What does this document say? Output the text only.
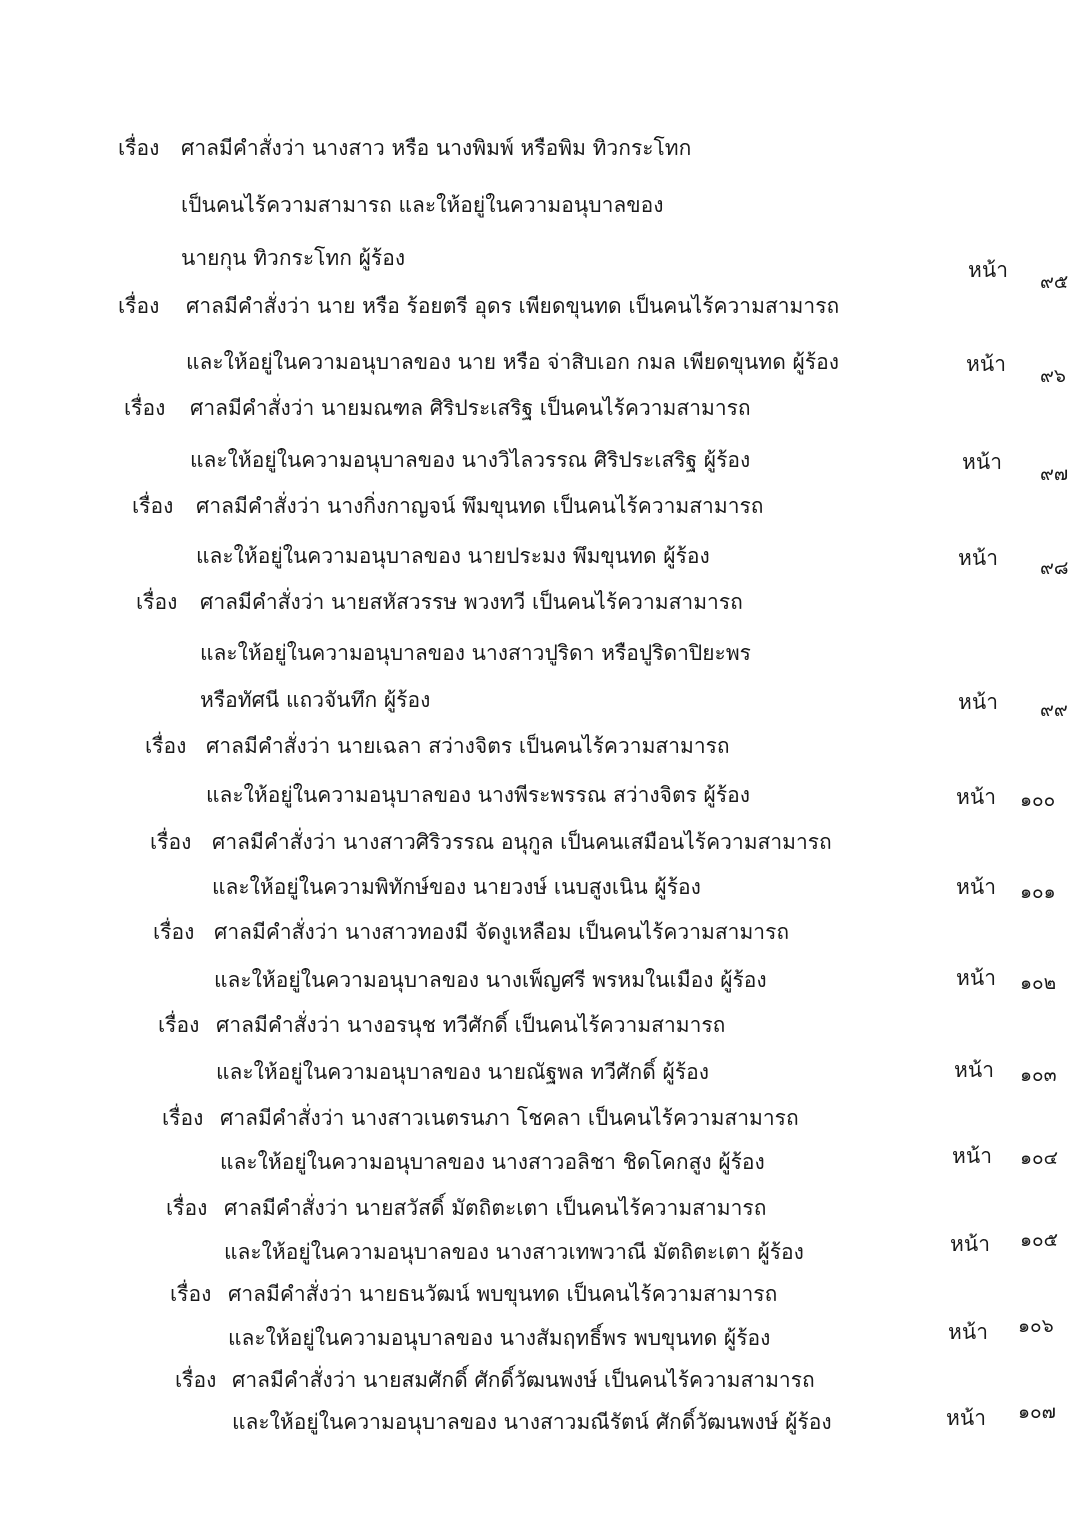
เรื่อง ศาลมีคำสั่งว่า นางสาว หรือ นางพิมพ์ หรือพิม ทิวกระโทก
เป็นคนไร้ความสามารถ และให้อยู่ในความอนุบาลของ
นายกุน ทิวกระโทก ผู้ร้อง	หน้า ๙๕
เรื่อง ศาลมีคำสั่งว่า นาย หรือ ร้อยตรี อุดร เพียดขุนทด เป็นคนไร้ความสามารถ
และให้อยู่ในความอนุบาลของ นาย หรือ จ่าสิบเอก กมล เพียดขุนทด ผู้ร้อง	หน้า ๙๖
เรื่อง ศาลมีคำสั่งว่า นายมณฑล ศิริประเสริฐ เป็นคนไร้ความสามารถ
และให้อยู่ในความอนุบาลของ นางวิไลวรรณ ศิริประเสริฐ ผู้ร้อง	หน้า ๙๗
เรื่อง ศาลมีคำสั่งว่า นางกิ่งกาญจน์ พึมขุนทด เป็นคนไร้ความสามารถ
และให้อยู่ในความอนุบาลของ นายประมง พึมขุนทด ผู้ร้อง	หน้า ๙๘
เรื่อง ศาลมีคำสั่งว่า นายสหัสวรรษ พวงทวี เป็นคนไร้ความสามารถ
และให้อยู่ในความอนุบาลของ นางสาวปูริดา หรือปูริดาปิยะพร
หรือทัศนี แถวจันทึก ผู้ร้อง	หน้า ๙๙
เรื่อง ศาลมีคำสั่งว่า นายเฉลา สว่างจิตร เป็นคนไร้ความสามารถ
และให้อยู่ในความอนุบาลของ นางพีระพรรณ สว่างจิตร ผู้ร้อง	หน้า ๑๐๐
เรื่อง ศาลมีคำสั่งว่า นางสาวศิริวรรณ อนุกูล เป็นคนเสมือนไร้ความสามารถ
และให้อยู่ในความพิทักษ์ของ นายวงษ์ เนบสูงเนิน ผู้ร้อง	หน้า ๑๐๑
เรื่อง ศาลมีคำสั่งว่า นางสาวทองมี จัดงูเหลือม เป็นคนไร้ความสามารถ
และให้อยู่ในความอนุบาลของ นางเพ็ญศรี พรหมในเมือง ผู้ร้อง	หน้า ๑๐๒
เรื่อง ศาลมีคำสั่งว่า นางอรนุช ทวีศักดิ์ เป็นคนไร้ความสามารถ
และให้อยู่ในความอนุบาลของ นายณัฐพล ทวีศักดิ์ ผู้ร้อง	หน้า ๑๐๓
เรื่อง ศาลมีคำสั่งว่า นางสาวเนตรนภา โชคลา เป็นคนไร้ความสามารถ
และให้อยู่ในความอนุบาลของ นางสาวอลิชา ชิดโคกสูง ผู้ร้อง	หน้า ๑๐๔
เรื่อง ศาลมีคำสั่งว่า นายสวัสดิ์ มัตถิตะเตา เป็นคนไร้ความสามารถ
และให้อยู่ในความอนุบาลของ นางสาวเทพวาณี มัตถิตะเตา ผู้ร้อง	หน้า ๑๐๕
เรื่อง ศาลมีคำสั่งว่า นายธนวัฒน์ พบขุนทด เป็นคนไร้ความสามารถ
และให้อยู่ในความอนุบาลของ นางสัมฤทธิ์พร พบขุนทด ผู้ร้อง	หน้า ๑๐๖
เรื่อง ศาลมีคำสั่งว่า นายสมศักดิ์ ศักดิ์วัฒนพงษ์ เป็นคนไร้ความสามารถ
และให้อยู่ในความอนุบาลของ นางสาวมณีรัตน์ ศักดิ์วัฒนพงษ์ ผู้ร้อง	หน้า ๑๐๗
